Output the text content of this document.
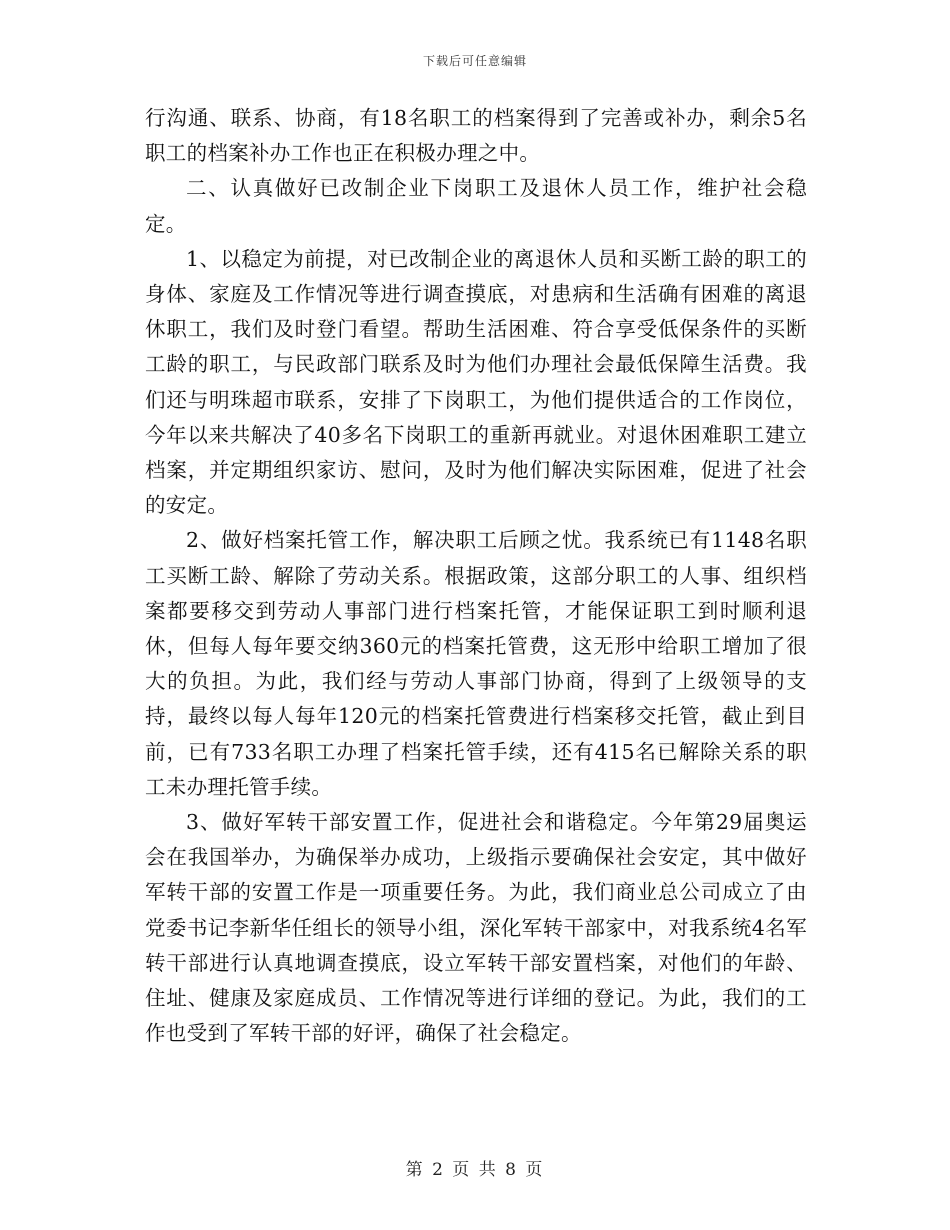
下载后可任意编辑

行沟通、联系、协商，有18名职工的档案得到了完善或补办，剩余5名职工的档案补办工作也正在积极办理之中。

二、认真做好已改制企业下岗职工及退休人员工作，维护社会稳定。

1、以稳定为前提，对已改制企业的离退休人员和买断工龄的职工的身体、家庭及工作情况等进行调查摸底，对患病和生活确有困难的离退休职工，我们及时登门看望。帮助生活困难、符合享受低保条件的买断工龄的职工，与民政部门联系及时为他们办理社会最低保障生活费。我们还与明珠超市联系，安排了下岗职工，为他们提供适合的工作岗位，今年以来共解决了40多名下岗职工的重新再就业。对退休困难职工建立档案，并定期组织家访、慰问，及时为他们解决实际困难，促进了社会的安定。

2、做好档案托管工作，解决职工后顾之忧。我系统已有1148名职工买断工龄、解除了劳动关系。根据政策，这部分职工的人事、组织档案都要移交到劳动人事部门进行档案托管，才能保证职工到时顺利退休，但每人每年要交纳360元的档案托管费，这无形中给职工增加了很大的负担。为此，我们经与劳动人事部门协商，得到了上级领导的支持，最终以每人每年120元的档案托管费进行档案移交托管，截止到目前，已有733名职工办理了档案托管手续，还有415名已解除关系的职工未办理托管手续。

3、做好军转干部安置工作，促进社会和谐稳定。今年第29届奥运会在我国举办，为确保举办成功，上级指示要确保社会安定，其中做好军转干部的安置工作是一项重要任务。为此，我们商业总公司成立了由党委书记李新华任组长的领导小组，深化军转干部家中，对我系统4名军转干部进行认真地调查摸底，设立军转干部安置档案，对他们的年龄、住址、健康及家庭成员、工作情况等进行详细的登记。为此，我们的工作也受到了军转干部的好评，确保了社会稳定。

第 2 页 共 8 页
